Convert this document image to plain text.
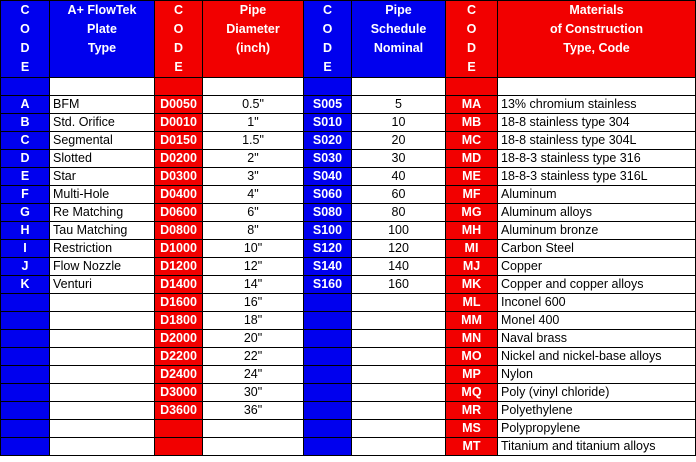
C
O
D
E	A+ FlowTek
Plate
Type	C
O
D
E	Pipe
Diameter
(inch)	C
O
D
E	Pipe
Schedule
Nominal	C
O
D
E	Materials
of Construction
Type, Code

A	BFM	D0050	0.5"	S005	5	MA	13% chromium stainless
B	Std. Orifice	D0010	1"	S010	10	MB	18-8 stainless type 304
C	Segmental	D0150	1.5"	S020	20	MC	18-8 stainless type 304L
D	Slotted	D0200	2"	S030	30	MD	18-8-3 stainless type 316
E	Star	D0300	3"	S040	40	ME	18-8-3 stainless type 316L
F	Multi-Hole	D0400	4"	S060	60	MF	Aluminum
G	Re Matching	D0600	6"	S080	80	MG	Aluminum alloys
H	Tau Matching	D0800	8"	S100	100	MH	Aluminum bronze
I	Restriction	D1000	10"	S120	120	MI	Carbon Steel
J	Flow Nozzle	D1200	12"	S140	140	MJ	Copper
K	Venturi	D1400	14"	S160	160	MK	Copper and copper alloys
		D1600	16"			ML	Inconel 600
		D1800	18"			MM	Monel 400
		D2000	20"			MN	Naval brass
		D2200	22"			MO	Nickel and nickel-base alloys
		D2400	24"			MP	Nylon
		D3000	30"			MQ	Poly (vinyl chloride)
		D3600	36"			MR	Polyethylene
						MS	Polypropylene
						MT	Titanium and titanium alloys
